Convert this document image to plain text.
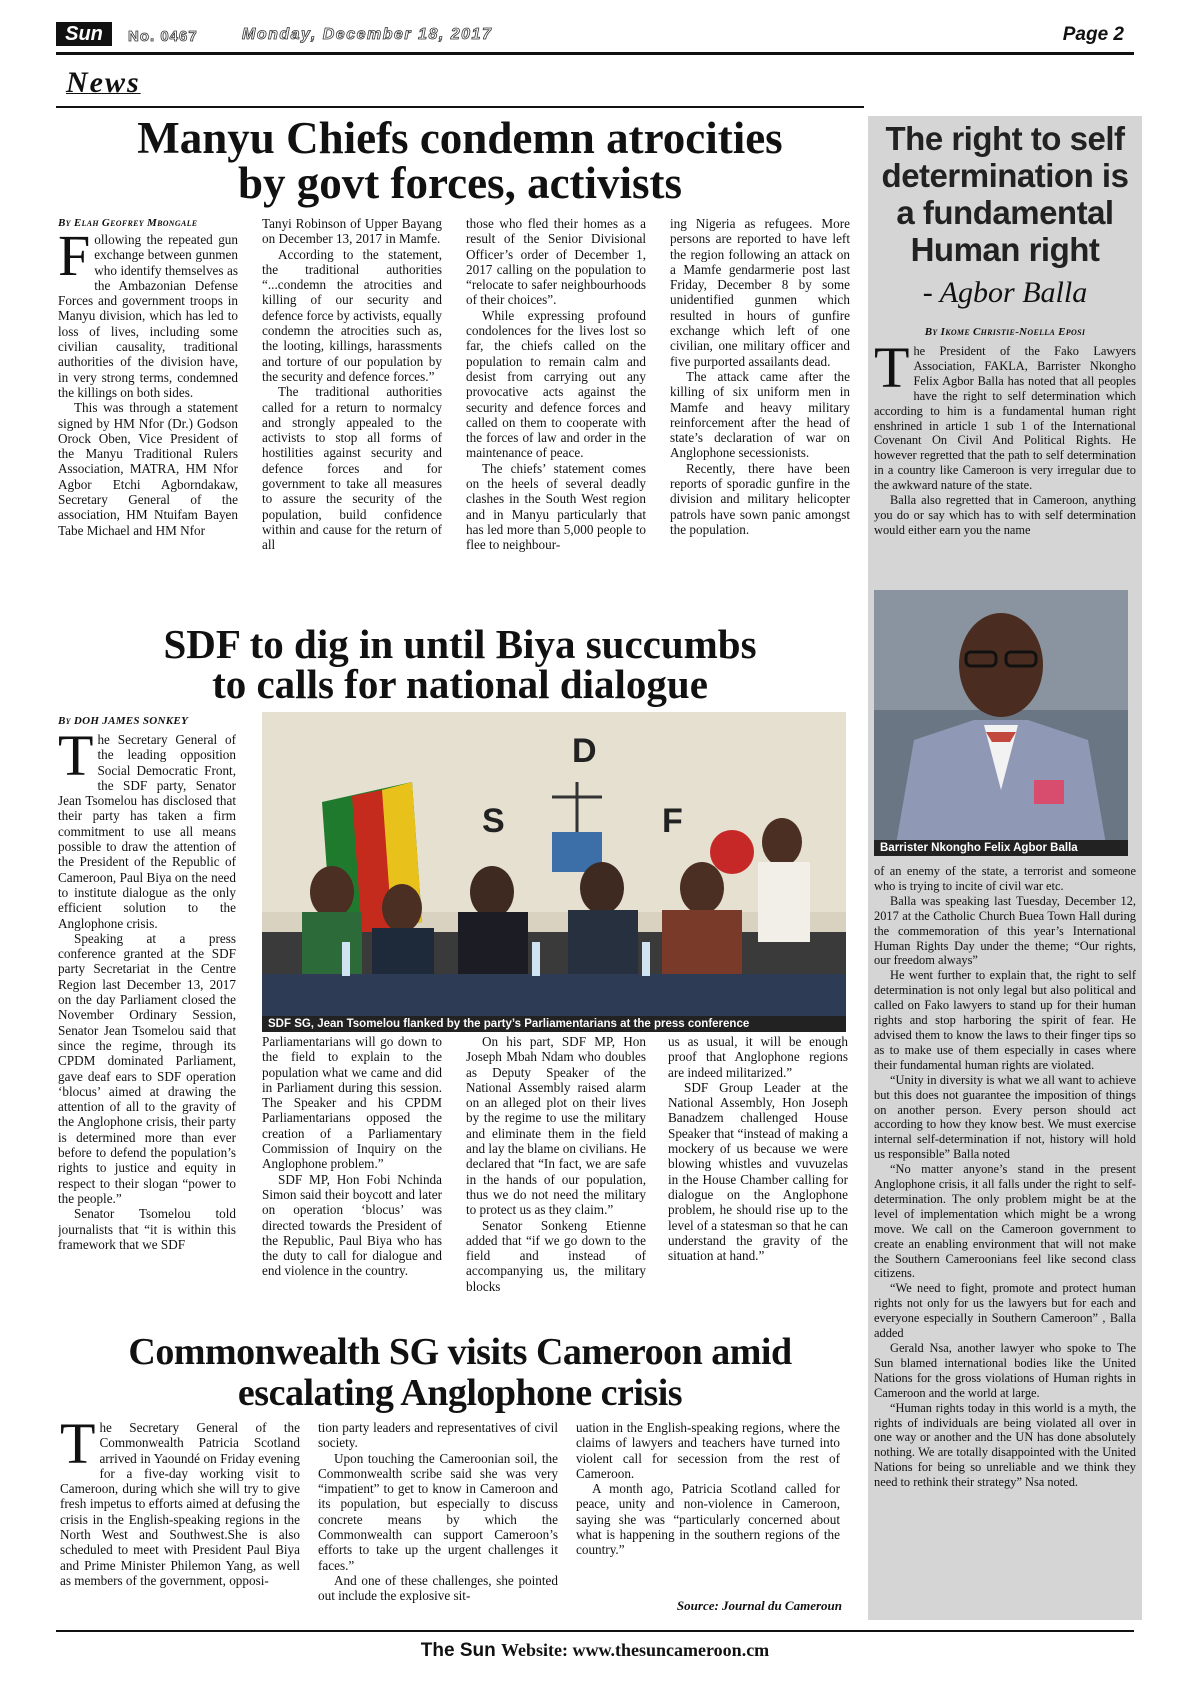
Sun	No. 0467	Monday, December 18, 2017	Page 2
News
Manyu Chiefs condemn atrocities
by govt forces, activists
By Elah Geofrey Mbongale
F ollowing the repeated gun exchange between gunmen who identify themselves as the Ambazonian Defense Forces and government troops in Manyu division, which has led to loss of lives, including some civilian causality, traditional authorities of the division have, in very strong terms, condemned the killings on both sides.

This was through a statement signed by HM Nfor (Dr.) Godson Orock Oben, Vice President of the Manyu Traditional Rulers Association, MATRA, HM Nfor Agbor Etchi Agborndakaw, Secretary General of the association, HM Ntuifam Bayen Tabe Michael and HM Nfor

Tanyi Robinson of Upper Bayang on December 13, 2017 in Mamfe.

According to the statement, the traditional authorities “...condemn the atrocities and killing of our security and defence force by activists, equally condemn the atrocities such as, the looting, killings, harassments and torture of our population by the security and defence forces.”

The traditional authorities called for a return to normalcy and strongly appealed to the activists to stop all forms of hostilities against security and defence forces and for government to take all measures to assure the security of the population, build confidence within and cause for the return of all

those who fled their homes as a result of the Senior Divisional Officer’s order of December 1, 2017 calling on the population to “relocate to safer neighbourhoods of their choices”.

While expressing profound condolences for the lives lost so far, the chiefs called on the population to remain calm and desist from carrying out any provocative acts against the security and defence forces and called on them to cooperate with the forces of law and order in the maintenance of peace.

The chiefs’ statement comes on the heels of several deadly clashes in the South West region and in Manyu particularly that has led more than 5,000 people to flee to neighbour-

ing Nigeria as refugees. More persons are reported to have left the region following an attack on a Mamfe gendarmerie post last Friday, December 8 by some unidentified gunmen which resulted in hours of gunfire exchange which left of one civilian, one military officer and five purported assailants dead.

The attack came after the killing of six uniform men in Mamfe and heavy military reinforcement after the head of state’s declaration of war on Anglophone secessionists.

Recently, there have been reports of sporadic gunfire in the division and military helicopter patrols have sown panic amongst the population.

SDF to dig in until Biya succumbs
to calls for national dialogue
By DOH JAMES SONKEY
T he Secretary General of the leading opposition Social Democratic Front, the SDF party, Senator Jean Tsomelou has disclosed that their party has taken a firm commitment to use all means possible to draw the attention of the President of the Republic of Cameroon, Paul Biya on the need to institute dialogue as the only efficient solution to the Anglophone crisis.

Speaking at a press conference granted at the SDF party Secretariat in the Centre Region last December 13, 2017 on the day Parliament closed the November Ordinary Session, Senator Jean Tsomelou said that since the regime, through its CPDM dominated Parliament, gave deaf ears to SDF operation ‘blocus’ aimed at drawing the attention of all to the gravity of the Anglophone crisis, their party is determined more than ever before to defend the population’s rights to justice and equity in respect to their slogan “power to the people.”

Senator Tsomelou told journalists that “it is within this framework that we SDF

D
S	F
SDF SG, Jean Tsomelou flanked by the party’s Parliamentarians at the press conference

Parliamentarians will go down to the field to explain to the population what we came and did in Parliament during this session. The Speaker and his CPDM Parliamentarians opposed the creation of a Parliamentary Commission of Inquiry on the Anglophone problem.”

SDF MP, Hon Fobi Nchinda Simon said their boycott and later on operation ‘blocus’ was directed towards the President of the Republic, Paul Biya who has the duty to call for dialogue and end violence in the country.

On his part, SDF MP, Hon Joseph Mbah Ndam who doubles as Deputy Speaker of the National Assembly raised alarm on an alleged plot on their lives by the regime to use the military and eliminate them in the field and lay the blame on civilians. He declared that “In fact, we are safe in the hands of our population, thus we do not need the military to protect us as they claim.”

Senator Sonkeng Etienne added that “if we go down to the field and instead of accompanying us, the military blocks

us as usual, it will be enough proof that Anglophone regions are indeed militarized.”

SDF Group Leader at the National Assembly, Hon Joseph Banadzem challenged House Speaker that “instead of making a mockery of us because we were blowing whistles and vuvuzelas in the House Chamber calling for dialogue on the Anglophone problem, he should rise up to the level of a statesman so that he can understand the gravity of the situation at hand.”

Commonwealth SG visits Cameroon amid
escalating Anglophone crisis
T he Secretary General of the Commonwealth Patricia Scotland arrived in Yaoundé on Friday evening for a five-day working visit to Cameroon, during which she will try to give fresh impetus to efforts aimed at defusing the crisis in the English-speaking regions in the North West and Southwest.She is also scheduled to meet with President Paul Biya and Prime Minister Philemon Yang, as well as members of the government, opposi-

tion party leaders and representatives of civil society.

Upon touching the Cameroonian soil, the Commonwealth scribe said she was very “impatient” to get to know in Cameroon and its population, but especially to discuss concrete means by which the Commonwealth can support Cameroon’s efforts to take up the urgent challenges it faces.”

And one of these challenges, she pointed out include the explosive sit-

uation in the English-speaking regions, where the claims of lawyers and teachers have turned into violent call for secession from the rest of Cameroon.

A month ago, Patricia Scotland called for peace, unity and non-violence in Cameroon, saying she was “particularly concerned about what is happening in the southern regions of the country.”

Source: Journal du Cameroun
The right to self
determination is
a fundamental
Human right
- Agbor Balla
By Ikome Christie-Noella Eposi
T he President of the Fako Lawyers Association, FAKLA, Barrister Nkongho Felix Agbor Balla has noted that all peoples have the right to self determination which according to him is a fundamental human right enshrined in article 1 sub 1 of the International Covenant On Civil And Political Rights. He however regretted that the path to self determination in a country like Cameroon is very irregular due to the awkward nature of the state.

Balla also regretted that in Cameroon, anything you do or say which has to with self determination would either earn you the name

Barrister Nkongho Felix Agbor Balla

of an enemy of the state, a terrorist and someone who is trying to incite of civil war etc.

Balla was speaking last Tuesday, December 12, 2017 at the Catholic Church Buea Town Hall during the commemoration of this year’s International Human Rights Day under the theme; “Our rights, our freedom always”

He went further to explain that, the right to self determination is not only legal but also political and called on Fako lawyers to stand up for their human rights and stop harboring the spirit of fear. He advised them to know the laws to their finger tips so as to make use of them especially in cases where their fundamental human rights are violated.

“Unity in diversity is what we all want to achieve but this does not guarantee the imposition of things on another person. Every person should act according to how they know best. We must exercise internal self-determination if not, history will hold us responsible” Balla noted

“No matter anyone’s stand in the present Anglophone crisis, it all falls under the right to self-determination. The only problem might be at the level of implementation which might be a wrong move. We call on the Cameroon government to create an enabling environment that will not make the Southern Cameroonians feel like second class citizens.

“We need to fight, promote and protect human rights not only for us the lawyers but for each and everyone especially in Southern Cameroon” , Balla added

Gerald Nsa, another lawyer who spoke to The Sun blamed international bodies like the United Nations for the gross violations of Human rights in Cameroon and the world at large.

“Human rights today in this world is a myth, the rights of individuals are being violated all over in one way or another and the UN has done absolutely nothing. We are totally disappointed with the United Nations for being so unreliable and we think they need to rethink their strategy” Nsa noted.

The Sun Website: www.thesuncameroon.cm
